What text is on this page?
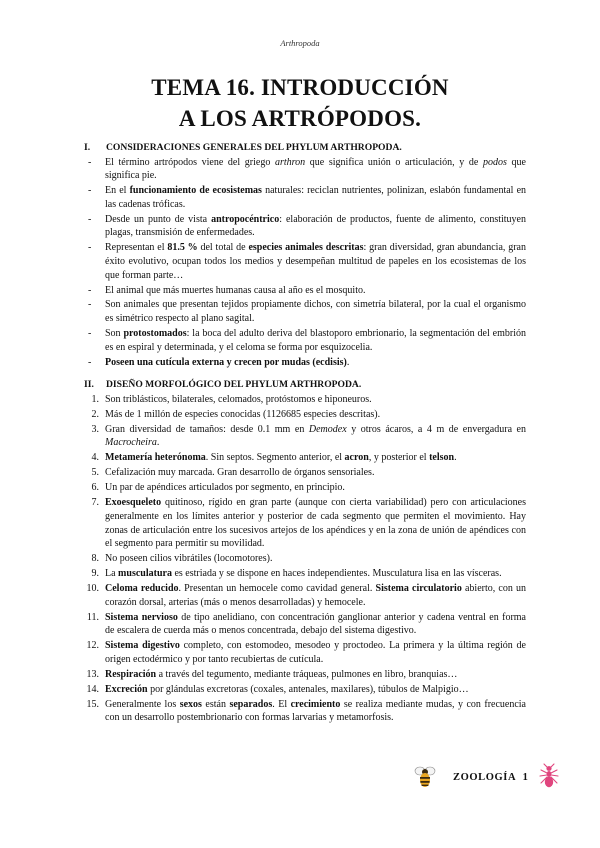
Arthropoda
TEMA 16. INTRODUCCIÓN
A LOS ARTRÓPODOS.
I.	CONSIDERACIONES GENERALES DEL PHYLUM ARTHROPODA.
-	El término artrópodos viene del griego arthron que significa unión o articulación, y de podos que significa pie.
-	En el funcionamiento de ecosistemas naturales: reciclan nutrientes, polinizan, eslabón fundamental en las cadenas tróficas.
-	Desde un punto de vista antropocéntrico: elaboración de productos, fuente de alimento, constituyen plagas, transmisión de enfermedades.
-	Representan el 81.5 % del total de especies animales descritas: gran diversidad, gran abundancia, gran éxito evolutivo, ocupan todos los medios y desempeñan multitud de papeles en los ecosistemas de los que forman parte…
-	El animal que más muertes humanas causa al año es el mosquito.
-	Son animales que presentan tejidos propiamente dichos, con simetría bilateral, por la cual el organismo es simétrico respecto al plano sagital.
-	Son protostomados: la boca del adulto deriva del blastoporo embrionario, la segmentación del embrión es en espiral y determinada, y el celoma se forma por esquizocelia.
-	Poseen una cutícula externa y crecen por mudas (ecdisis).
II.	DISEÑO MORFOLÓGICO DEL PHYLUM ARTHROPODA.
1. Son triblásticos, bilaterales, celomados, protóstomos e hiponeuros.
2. Más de 1 millón de especies conocidas (1126685 especies descritas).
3. Gran diversidad de tamaños: desde 0.1 mm en Demodex y otros ácaros, a 4 m de envergadura en Macrocheira.
4. Metamería heterónoma. Sin septos. Segmento anterior, el acron, y posterior el telson.
5. Cefalización muy marcada. Gran desarrollo de órganos sensoriales.
6. Un par de apéndices articulados por segmento, en principio.
7. Exoesqueleto quitinoso, rígido en gran parte (aunque con cierta variabilidad) pero con articulaciones generalmente en los límites anterior y posterior de cada segmento que permiten el movimiento. Hay zonas de articulación entre los sucesivos artejos de los apéndices y en la zona de unión de apéndices con el segmento para permitir su movilidad.
8. No poseen cilios vibrátiles (locomotores).
9. La musculatura es estriada y se dispone en haces independientes. Musculatura lisa en las vísceras.
10. Celoma reducido. Presentan un hemocele como cavidad general. Sistema circulatorio abierto, con un corazón dorsal, arterias (más o menos desarrolladas) y hemocele.
11. Sistema nervioso de tipo anelidiano, con concentración ganglionar anterior y cadena ventral en forma de escalera de cuerda más o menos concentrada, debajo del sistema digestivo.
12. Sistema digestivo completo, con estomodeo, mesodeo y proctodeo. La primera y la última región de origen ectodérmico y por tanto recubiertas de cutícula.
13. Respiración a través del tegumento, mediante tráqueas, pulmones en libro, branquias…
14. Excreción por glándulas excretoras (coxales, antenales, maxilares), túbulos de Malpigio…
15. Generalmente los sexos están separados. El crecimiento se realiza mediante mudas, y con frecuencia con un desarrollo postembrionario con formas larvarias y metamorfosis.
ZOOLOGÍA 1
